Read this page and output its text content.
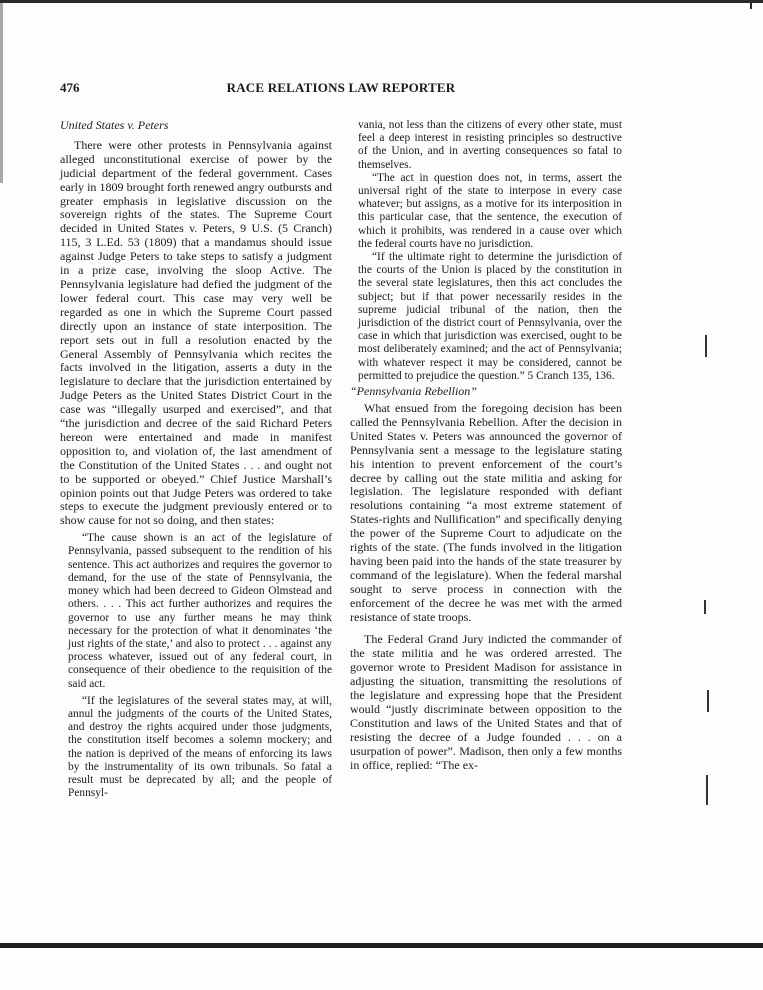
476	RACE RELATIONS LAW REPORTER

United States v. Peters

There were other protests in Pennsylvania against alleged unconstitutional exercise of power by the judicial department of the federal government. Cases early in 1809 brought forth renewed angry outbursts and greater emphasis in legislative discussion on the sovereign rights of the states. The Supreme Court decided in United States v. Peters, 9 U.S. (5 Cranch) 115, 3 L.Ed. 53 (1809) that a mandamus should issue against Judge Peters to take steps to satisfy a judgment in a prize case, involving the sloop Active. The Pennsylvania legislature had defied the judgment of the lower federal court. This case may very well be regarded as one in which the Supreme Court passed directly upon an instance of state interposition. The report sets out in full a resolution enacted by the General Assembly of Pennsylvania which recites the facts involved in the litigation, asserts a duty in the legislature to declare that the jurisdiction entertained by Judge Peters as the United States District Court in the case was “illegally usurped and exercised”, and that “the jurisdiction and decree of the said Richard Peters hereon were entertained and made in manifest opposition to, and violation of, the last amendment of the Constitution of the United States . . . and ought not to be supported or obeyed.” Chief Justice Marshall’s opinion points out that Judge Peters was ordered to take steps to execute the judgment previously entered or to show cause for not so doing, and then states:

“The cause shown is an act of the legislature of Pennsylvania, passed subsequent to the rendition of his sentence. This act authorizes and requires the governor to demand, for the use of the state of Pennsylvania, the money which had been decreed to Gideon Olmstead and others. . . . This act further authorizes and requires the governor to use any further means he may think necessary for the protection of what it denominates ‘the just rights of the state,’ and also to protect . . . against any process whatever, issued out of any federal court, in consequence of their obedience to the requisition of the said act.

“If the legislatures of the several states may, at will, annul the judgments of the courts of the United States, and destroy the rights acquired under those judgments, the constitution itself becomes a solemn mockery; and the nation is deprived of the means of enforcing its laws by the instrumentality of its own tribunals. So fatal a result must be deprecated by all; and the people of Pennsyl-

vania, not less than the citizens of every other state, must feel a deep interest in resisting principles so destructive of the Union, and in averting consequences so fatal to themselves.

“The act in question does not, in terms, assert the universal right of the state to interpose in every case whatever; but assigns, as a motive for its interposition in this particular case, that the sentence, the execution of which it prohibits, was rendered in a cause over which the federal courts have no jurisdiction.

“If the ultimate right to determine the jurisdiction of the courts of the Union is placed by the constitution in the several state legislatures, then this act concludes the subject; but if that power necessarily resides in the supreme judicial tribunal of the nation, then the jurisdiction of the district court of Pennsylvania, over the case in which that jurisdiction was exercised, ought to be most deliberately examined; and the act of Pennsylvania; with whatever respect it may be considered, cannot be permitted to prejudice the question.” 5 Cranch 135, 136.

“Pennsylvania Rebellion”

What ensued from the foregoing decision has been called the Pennsylvania Rebellion. After the decision in United States v. Peters was announced the governor of Pennsylvania sent a message to the legislature stating his intention to prevent enforcement of the court’s decree by calling out the state militia and asking for legislation. The legislature responded with defiant resolutions containing “a most extreme statement of States-rights and Nullification” and specifically denying the power of the Supreme Court to adjudicate on the rights of the state. (The funds involved in the litigation having been paid into the hands of the state treasurer by command of the legislature). When the federal marshal sought to serve process in connection with the enforcement of the decree he was met with the armed resistance of state troops.

The Federal Grand Jury indicted the commander of the state militia and he was ordered arrested. The governor wrote to President Madison for assistance in adjusting the situation, transmitting the resolutions of the legislature and expressing hope that the President would “justly discriminate between opposition to the Constitution and laws of the United States and that of resisting the decree of a Judge founded . . . on a usurpation of power”. Madison, then only a few months in office, replied: “The ex-
